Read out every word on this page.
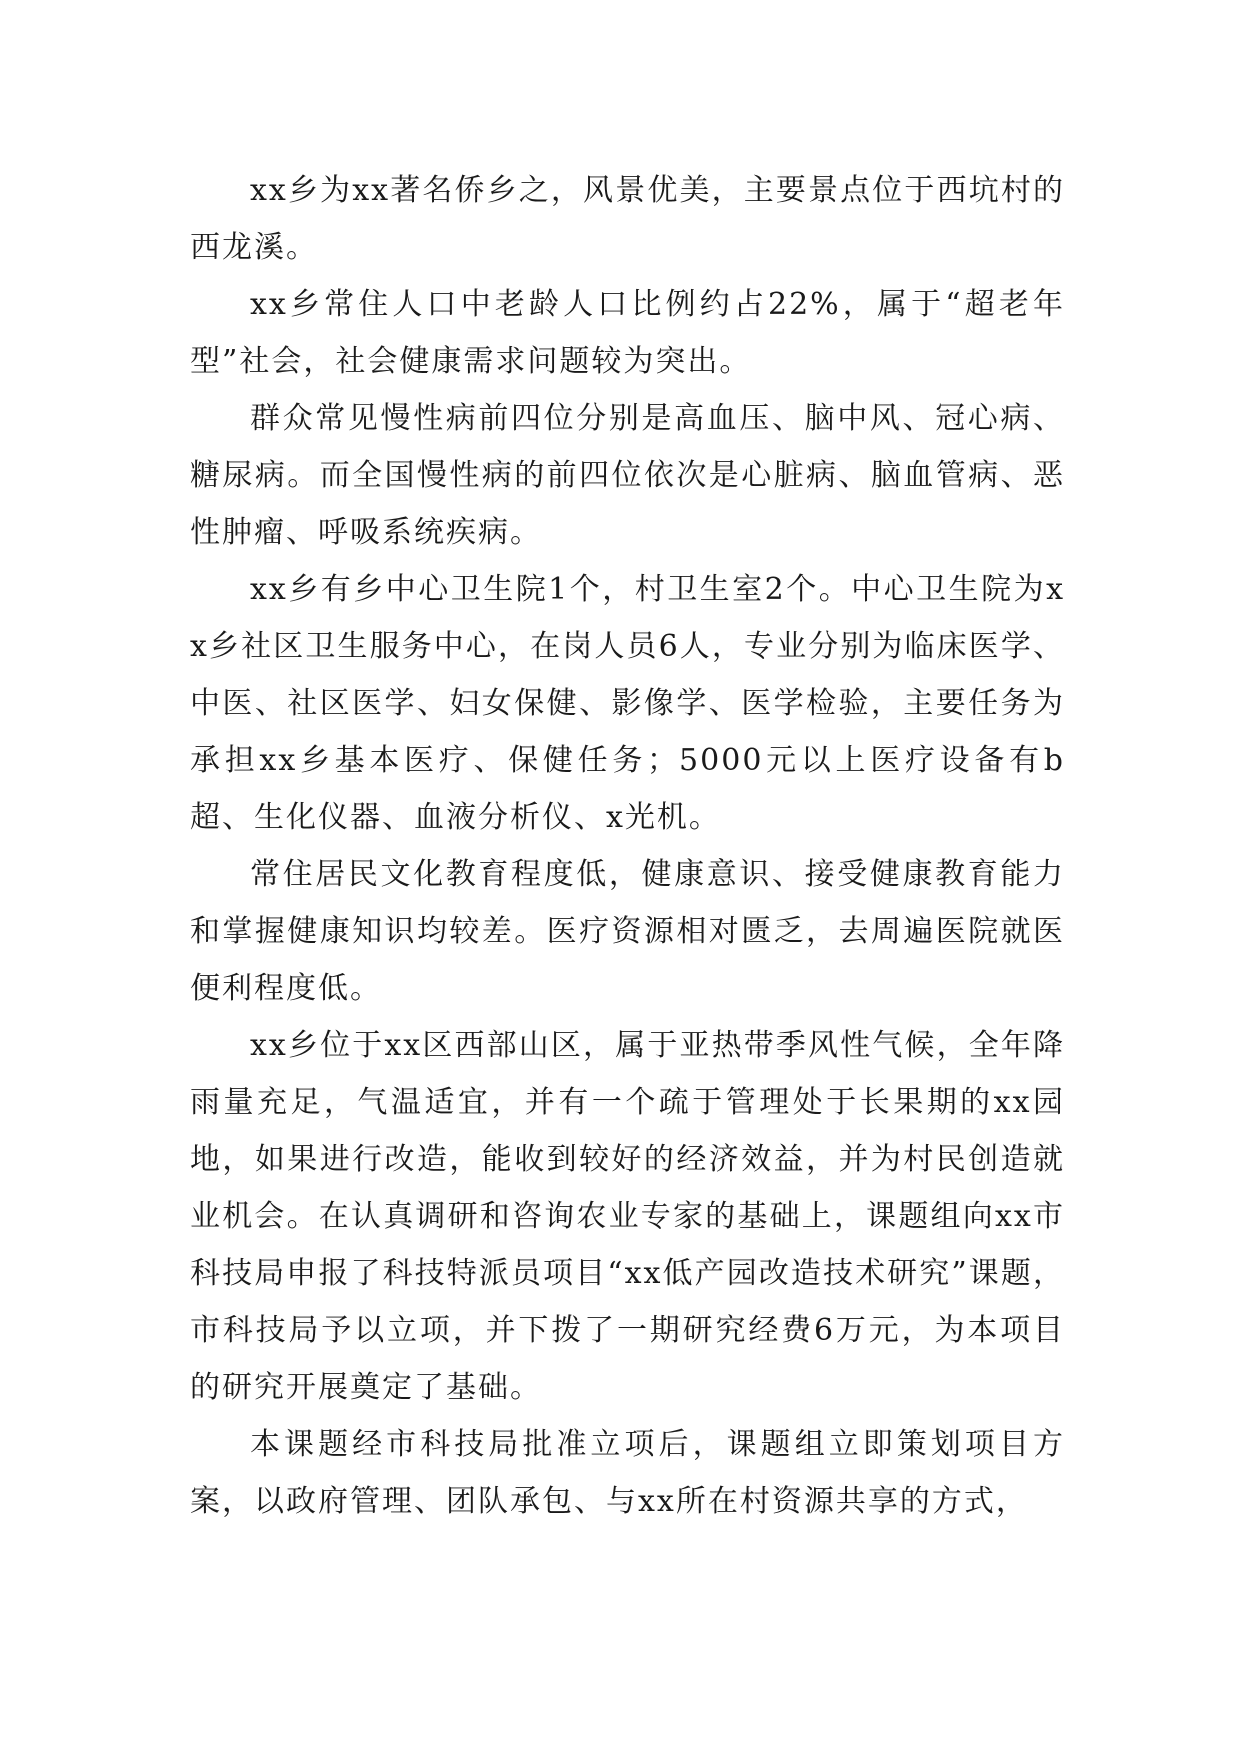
xx乡为xx著名侨乡之，风景优美，主要景点位于西坑村的西龙溪。

xx乡常住人口中老龄人口比例约占22%，属于“超老年型”社会，社会健康需求问题较为突出。

群众常见慢性病前四位分别是高血压、脑中风、冠心病、糖尿病。而全国慢性病的前四位依次是心脏病、脑血管病、恶性肿瘤、呼吸系统疾病。

xx乡有乡中心卫生院1个，村卫生室2个。中心卫生院为xx乡社区卫生服务中心，在岗人员6人，专业分别为临床医学、中医、社区医学、妇女保健、影像学、医学检验，主要任务为承担xx乡基本医疗、保健任务；5000元以上医疗设备有b超、生化仪器、血液分析仪、x光机。

常住居民文化教育程度低，健康意识、接受健康教育能力和掌握健康知识均较差。医疗资源相对匮乏，去周遍医院就医便利程度低。

xx乡位于xx区西部山区，属于亚热带季风性气候，全年降雨量充足，气温适宜，并有一个疏于管理处于长果期的xx园地，如果进行改造，能收到较好的经济效益，并为村民创造就业机会。在认真调研和咨询农业专家的基础上，课题组向xx市科技局申报了科技特派员项目“xx低产园改造技术研究”课题，市科技局予以立项，并下拨了一期研究经费6万元，为本项目的研究开展奠定了基础。

本课题经市科技局批准立项后，课题组立即策划项目方案，以政府管理、团队承包、与xx所在村资源共享的方式，
